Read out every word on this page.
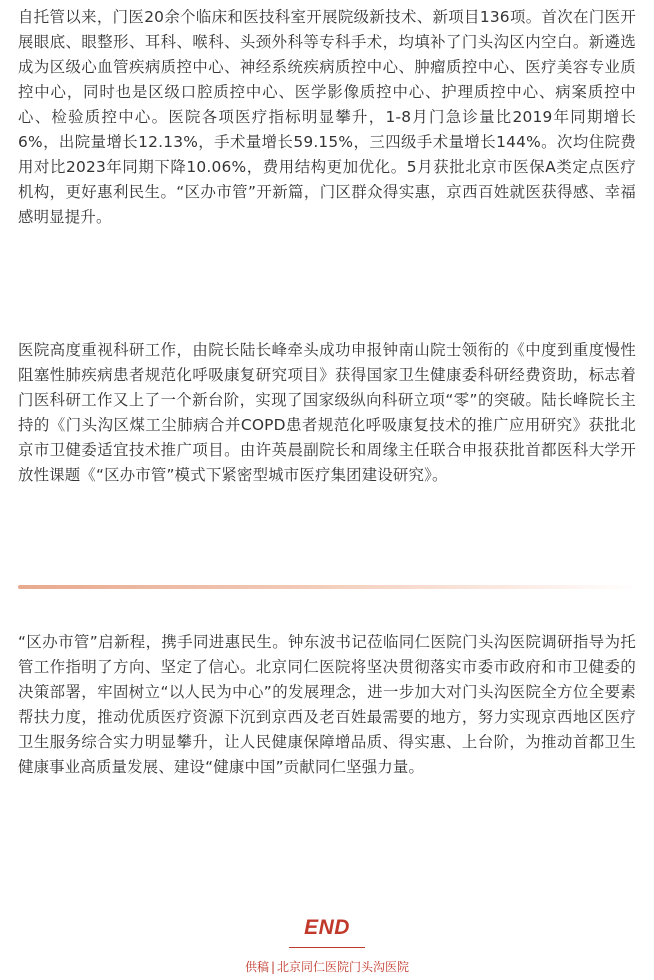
自托管以来，门医20余个临床和医技科室开展院级新技术、新项目136项。首次在门医开展眼底、眼整形、耳科、喉科、头颈外科等专科手术，均填补了门头沟区内空白。新遴选成为区级心血管疾病质控中心、神经系统疾病质控中心、肿瘤质控中心、医疗美容专业质控中心，同时也是区级口腔质控中心、医学影像质控中心、护理质控中心、病案质控中心、检验质控中心。医院各项医疗指标明显攀升，1-8月门急诊量比2019年同期增长6%，出院量增长12.13%，手术量增长59.15%，三四级手术量增长144%。次均住院费用对比2023年同期下降10.06%，费用结构更加优化。5月获批北京市医保A类定点医疗机构，更好惠利民生。“区办市管”开新篇，门区群众得实惠，京西百姓就医获得感、幸福感明显提升。

医院高度重视科研工作，由院长陆长峰牵头成功申报钟南山院士领衔的《中度到重度慢性阻塞性肺疾病患者规范化呼吸康复研究项目》获得国家卫生健康委科研经费资助，标志着门医科研工作又上了一个新台阶，实现了国家级纵向科研立项“零”的突破。陆长峰院长主持的《门头沟区煤工尘肺病合并COPD患者规范化呼吸康复技术的推广应用研究》获批北京市卫健委适宜技术推广项目。由许英晨副院长和周缘主任联合申报获批首都医科大学开放性课题《“区办市管”模式下紧密型城市医疗集团建设研究》。

“区办市管”启新程，携手同进惠民生。钟东波书记莅临同仁医院门头沟医院调研指导为托管工作指明了方向、坚定了信心。北京同仁医院将坚决贯彻落实市委市政府和市卫健委的决策部署，牢固树立“以人民为中心”的发展理念，进一步加大对门头沟医院全方位全要素帮扶力度，推动优质医疗资源下沉到京西及老百姓最需要的地方，努力实现京西地区医疗卫生服务综合实力明显攀升，让人民健康保障增品质、得实惠、上台阶，为推动首都卫生健康事业高质量发展、建设“健康中国”贡献同仁坚强力量。

END
供稿 | 北京同仁医院门头沟医院
